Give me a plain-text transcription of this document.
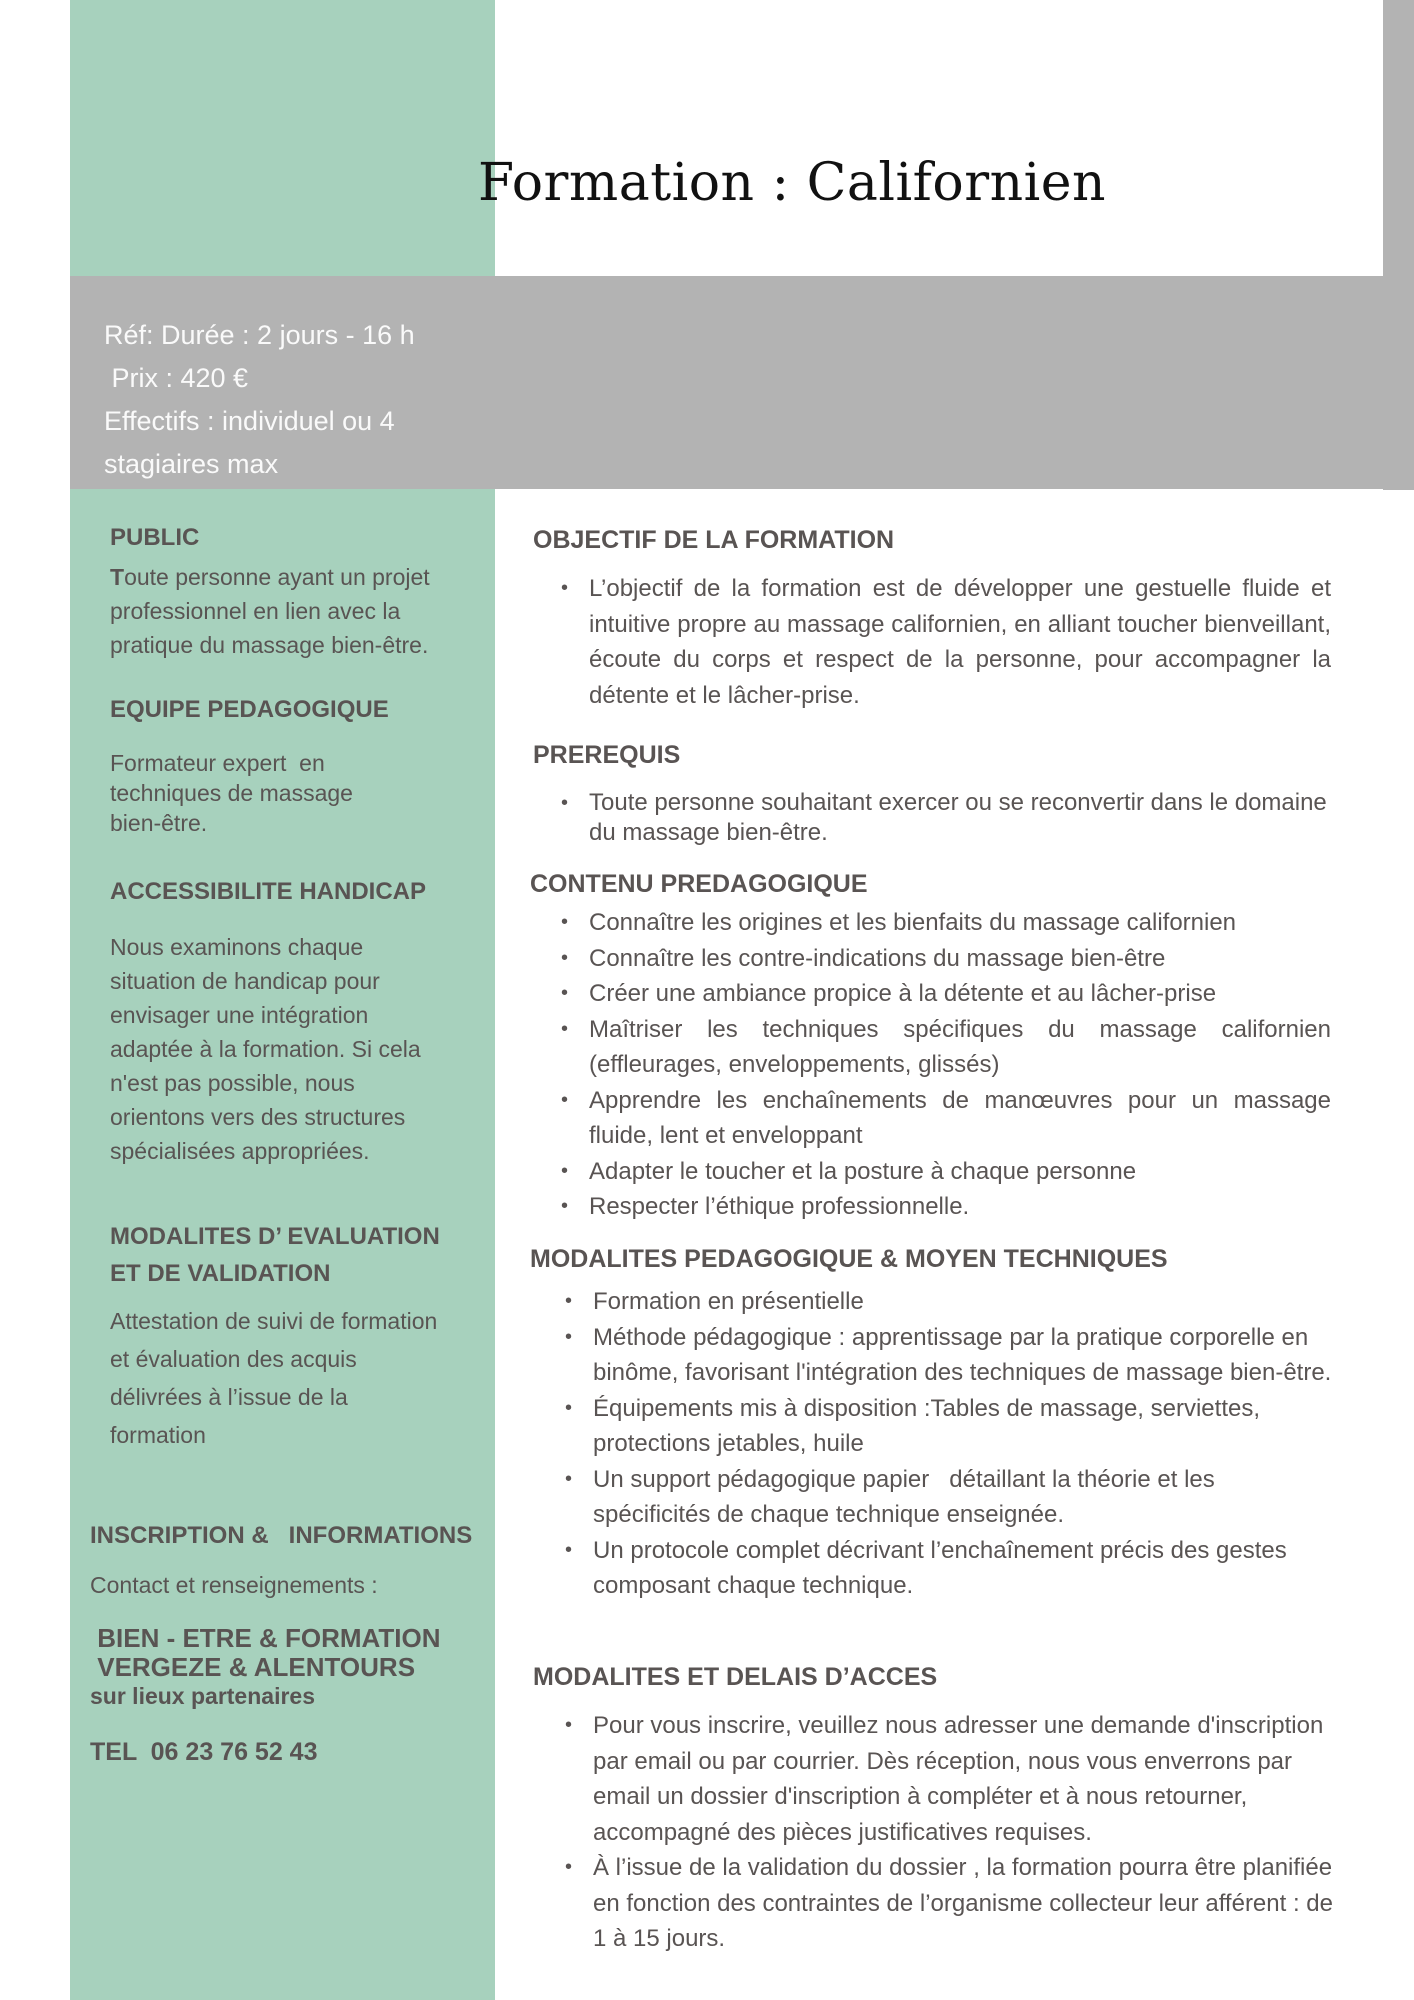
Formation : Californien
Réf: Durée : 2 jours - 16 h
Prix : 420 €
Effectifs : individuel ou 4
stagiaires max
PUBLIC

Toute personne ayant un projet professionnel en lien avec la pratique du massage bien-être.

EQUIPE PEDAGOGIQUE

Formateur expert  en

techniques de massage

bien-être.

ACCESSIBILITE HANDICAP

Nous examinons chaque situation de handicap pour envisager une intégration adaptée à la formation. Si cela n'est pas possible, nous orientons vers des structures spécialisées appropriées.

MODALITES D’ EVALUATION
ET DE VALIDATION

Attestation de suivi de formation et évaluation des acquis délivrées à l’issue de la formation

INSCRIPTION &   INFORMATIONS

Contact et renseignements :

BIEN - ETRE & FORMATION
VERGEZE & ALENTOURS
sur lieux partenaires
TEL  06 23 76 52 43
OBJECTIF DE LA FORMATION
• L’objectif de la formation est de développer une gestuelle fluide et intuitive propre au massage californien, en alliant toucher bienveillant, écoute du corps et respect de la personne, pour accompagner la détente et le lâcher-prise.
PREREQUIS
• Toute personne souhaitant exercer ou se reconvertir dans le domaine du massage bien-être.
CONTENU PREDAGOGIQUE
• Connaître les origines et les bienfaits du massage californien
• Connaître les contre-indications du massage bien-être
• Créer une ambiance propice à la détente et au lâcher-prise
• Maîtriser les techniques spécifiques du massage californien (effleurages, enveloppements, glissés)
• Apprendre les enchaînements de manœuvres pour un massage fluide, lent et enveloppant
• Adapter le toucher et la posture à chaque personne
• Respecter l’éthique professionnelle.
MODALITES PEDAGOGIQUE & MOYEN TECHNIQUES
• Formation en présentielle
• Méthode pédagogique : apprentissage par la pratique corporelle en binôme, favorisant l'intégration des techniques de massage bien-être.
• Équipements mis à disposition :Tables de massage, serviettes, protections jetables, huile
• Un support pédagogique papier   détaillant la théorie et les spécificités de chaque technique enseignée.
• Un protocole complet décrivant l’enchaînement précis des gestes composant chaque technique.
MODALITES ET DELAIS D’ACCES
• Pour vous inscrire, veuillez nous adresser une demande d'inscription par email ou par courrier. Dès réception, nous vous enverrons par email un dossier d'inscription à compléter et à nous retourner, accompagné des pièces justificatives requises.
• À l’issue de la validation du dossier , la formation pourra être planifiée en fonction des contraintes de l’organisme collecteur leur afférent : de 1 à 15 jours.
